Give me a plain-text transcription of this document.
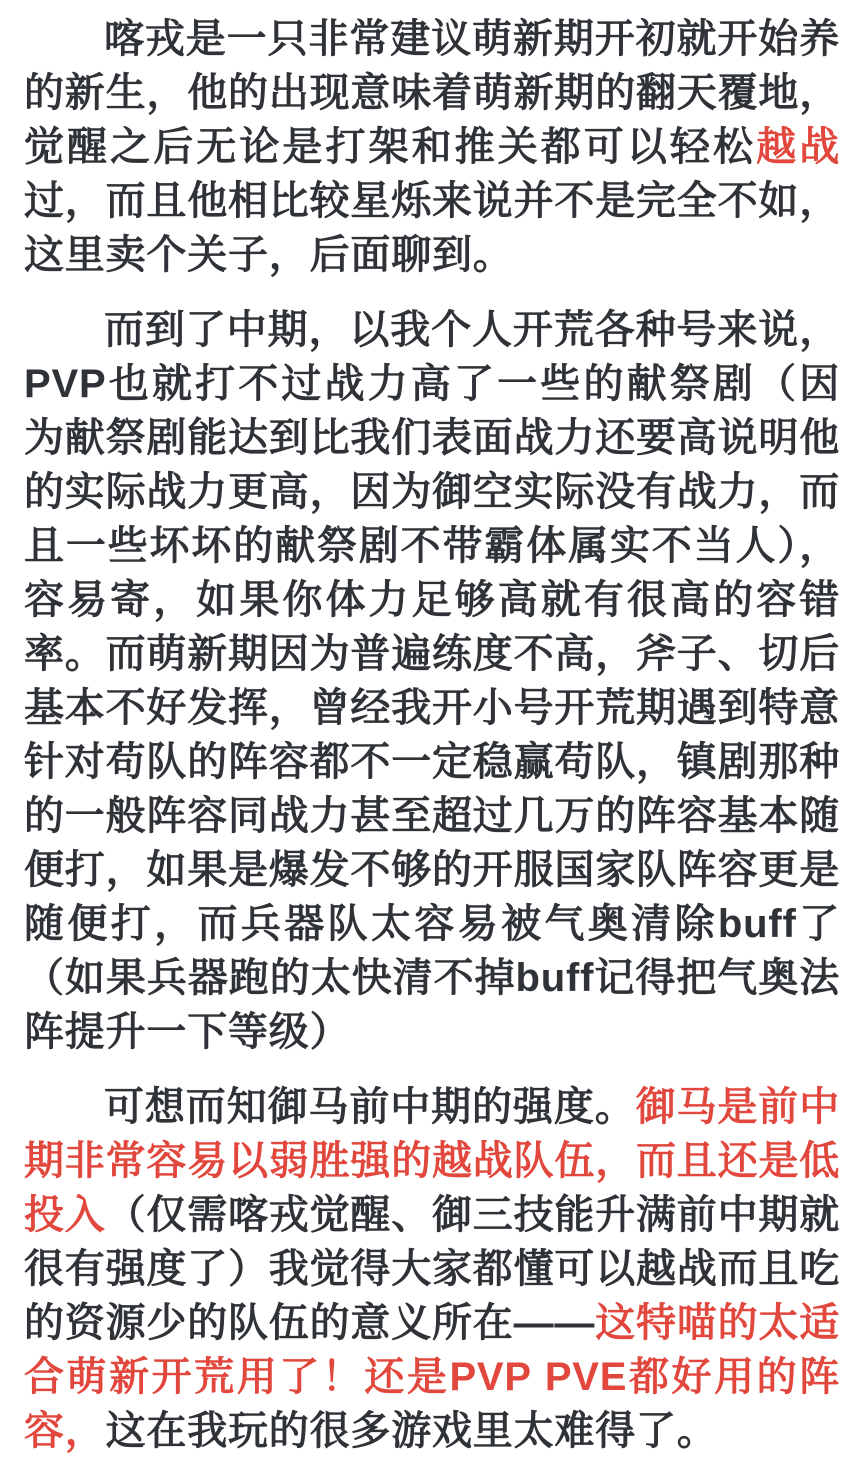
喀戎是一只非常建议萌新期开初就开始养的新生，他的出现意味着萌新期的翻天覆地，觉醒之后无论是打架和推关都可以轻松越战过，而且他相比较星烁来说并不是完全不如，这里卖个关子，后面聊到。

而到了中期，以我个人开荒各种号来说，PVP也就打不过战力高了一些的献祭剧（因为献祭剧能达到比我们表面战力还要高说明他的实际战力更高，因为御空实际没有战力，而且一些坏坏的献祭剧不带霸体属实不当人），容易寄，如果你体力足够高就有很高的容错率。而萌新期因为普遍练度不高，斧子、切后基本不好发挥，曾经我开小号开荒期遇到特意针对苟队的阵容都不一定稳赢苟队，镇剧那种的一般阵容同战力甚至超过几万的阵容基本随便打，如果是爆发不够的开服国家队阵容更是随便打，而兵器队太容易被气奥清除buff了（如果兵器跑的太快清不掉buff记得把气奥法阵提升一下等级）

可想而知御马前中期的强度。御马是前中期非常容易以弱胜强的越战队伍，而且还是低投入（仅需喀戎觉醒、御三技能升满前中期就很有强度了）我觉得大家都懂可以越战而且吃的资源少的队伍的意义所在——这特喵的太适合萌新开荒用了！还是PVP PVE都好用的阵容，这在我玩的很多游戏里太难得了。
